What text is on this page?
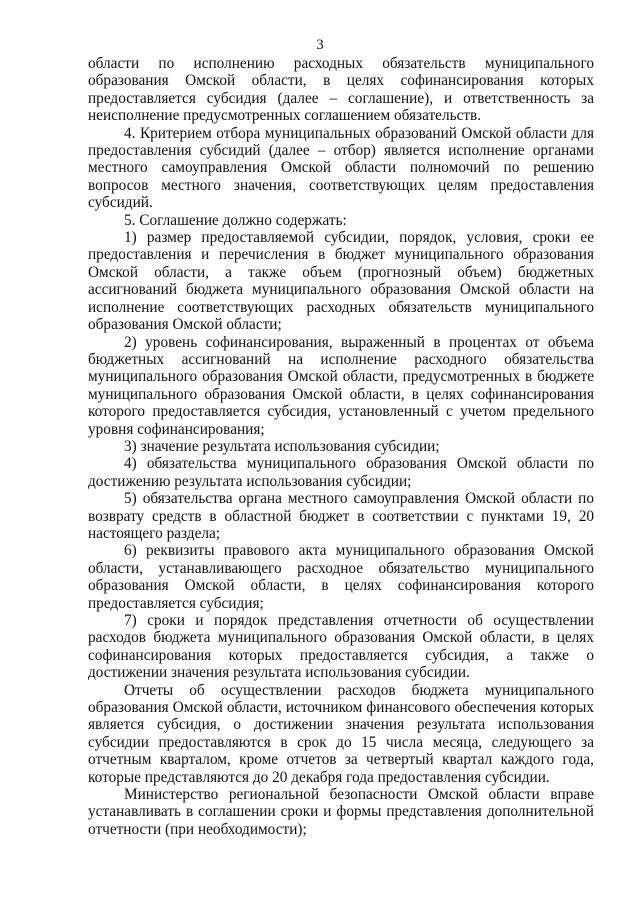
3

области по исполнению расходных обязательств муниципального образования Омской области, в целях софинансирования которых предоставляется субсидия (далее – соглашение), и ответственность за неисполнение предусмотренных соглашением обязательств.

4. Критерием отбора муниципальных образований Омской области для предоставления субсидий (далее – отбор) является исполнение органами местного самоуправления Омской области полномочий по решению вопросов местного значения, соответствующих целям предоставления субсидий.

5. Соглашение должно содержать:

1) размер предоставляемой субсидии, порядок, условия, сроки ее предоставления и перечисления в бюджет муниципального образования Омской области, а также объем (прогнозный объем) бюджетных ассигнований бюджета муниципального образования Омской области на исполнение соответствующих расходных обязательств муниципального образования Омской области;

2) уровень софинансирования, выраженный в процентах от объема бюджетных ассигнований на исполнение расходного обязательства муниципального образования Омской области, предусмотренных в бюджете муниципального образования Омской области, в целях софинансирования которого предоставляется субсидия, установленный с учетом предельного уровня софинансирования;

3) значение результата использования субсидии;

4) обязательства муниципального образования Омской области по достижению результата использования субсидии;

5) обязательства органа местного самоуправления Омской области по возврату средств в областной бюджет в соответствии с пунктами 19, 20 настоящего раздела;

6) реквизиты правового акта муниципального образования Омской области, устанавливающего расходное обязательство муниципального образования Омской области, в целях софинансирования которого предоставляется субсидия;

7) сроки и порядок представления отчетности об осуществлении расходов бюджета муниципального образования Омской области, в целях софинансирования которых предоставляется субсидия, а также о достижении значения результата использования субсидии.

Отчеты об осуществлении расходов бюджета муниципального образования Омской области, источником финансового обеспечения которых является субсидия, о достижении значения результата использования субсидии предоставляются в срок до 15 числа месяца, следующего за отчетным кварталом, кроме отчетов за четвертый квартал каждого года, которые представляются до 20 декабря года предоставления субсидии.

Министерство региональной безопасности Омской области вправе устанавливать в соглашении сроки и формы представления дополнительной отчетности (при необходимости);
